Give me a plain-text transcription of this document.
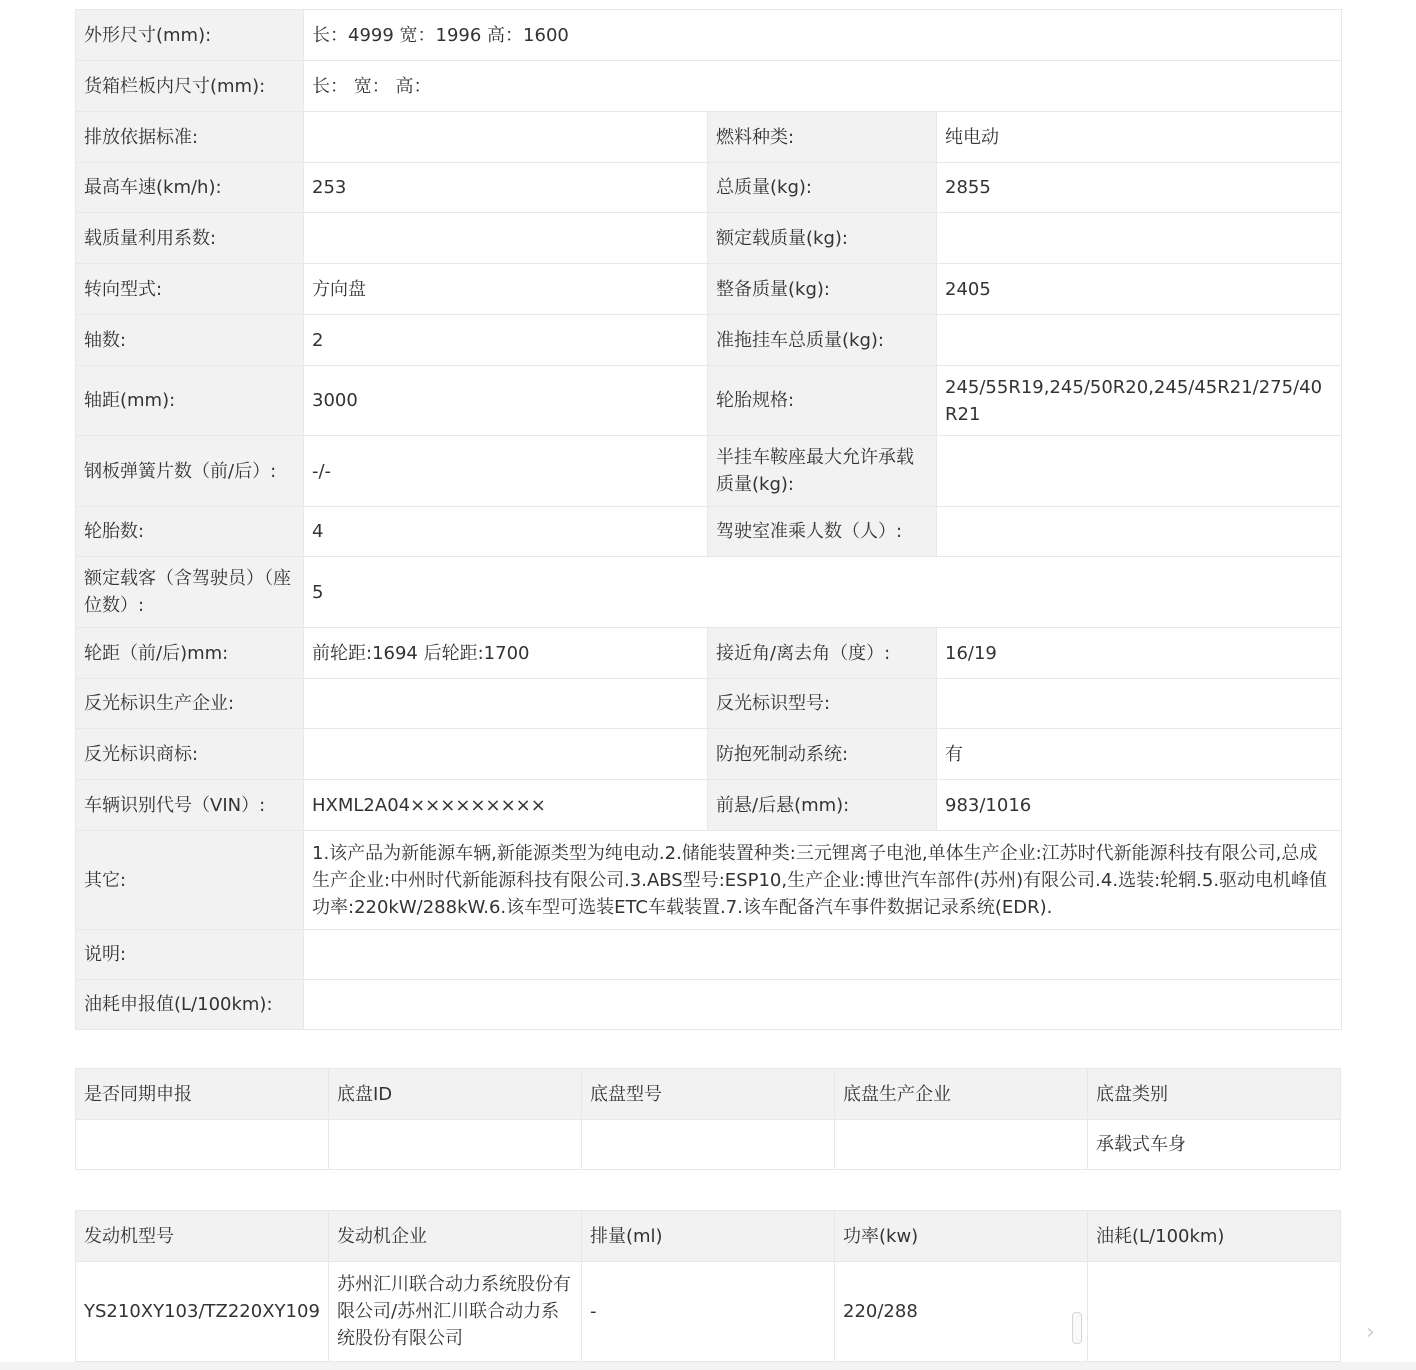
外形尺寸(mm):	长：4999 宽：1996 高：1600		
货箱栏板内尺寸(mm):	长： 宽： 高：		
排放依据标准:		燃料种类:	纯电动
最高车速(km/h):	253	总质量(kg):	2855
载质量利用系数:		额定载质量(kg):	
转向型式:	方向盘	整备质量(kg):	2405
轴数:	2	准拖挂车总质量(kg):	
轴距(mm):	3000	轮胎规格:	245/55R19,245/50R20,245/45R21/275/40R21
钢板弹簧片数（前/后）:	-/-	半挂车鞍座最大允许承载质量(kg):	
轮胎数:	4	驾驶室准乘人数（人）:	
额定载客（含驾驶员）（座位数）:	5		
轮距（前/后)mm:	前轮距:1694 后轮距:1700	接近角/离去角（度）:	16/19
反光标识生产企业:		反光标识型号:	
反光标识商标:		防抱死制动系统:	有
车辆识别代号（VIN）:	HXML2A04×××××××××	前悬/后悬(mm):	983/1016
其它:	1.该产品为新能源车辆,新能源类型为纯电动.2.储能装置种类:三元锂离子电池,单体生产企业:江苏时代新能源科技有限公司,总成生产企业:中州时代新能源科技有限公司.3.ABS型号:ESP10,生产企业:博世汽车部件(苏州)有限公司.4.选装:轮辋.5.驱动电机峰值功率:220kW/288kW.6.该车型可选装ETC车载装置.7.该车配备汽车事件数据记录系统(EDR).		
说明:			
油耗申报值(L/100km):			
是否同期申报	底盘ID	底盘型号	底盘生产企业	底盘类别
				承载式车身
发动机型号	发动机企业	排量(ml)	功率(kw)	油耗(L/100km)
YS210XY103/TZ220XY109	苏州汇川联合动力系统股份有限公司/苏州汇川联合动力系统股份有限公司	-	220/288	
›
